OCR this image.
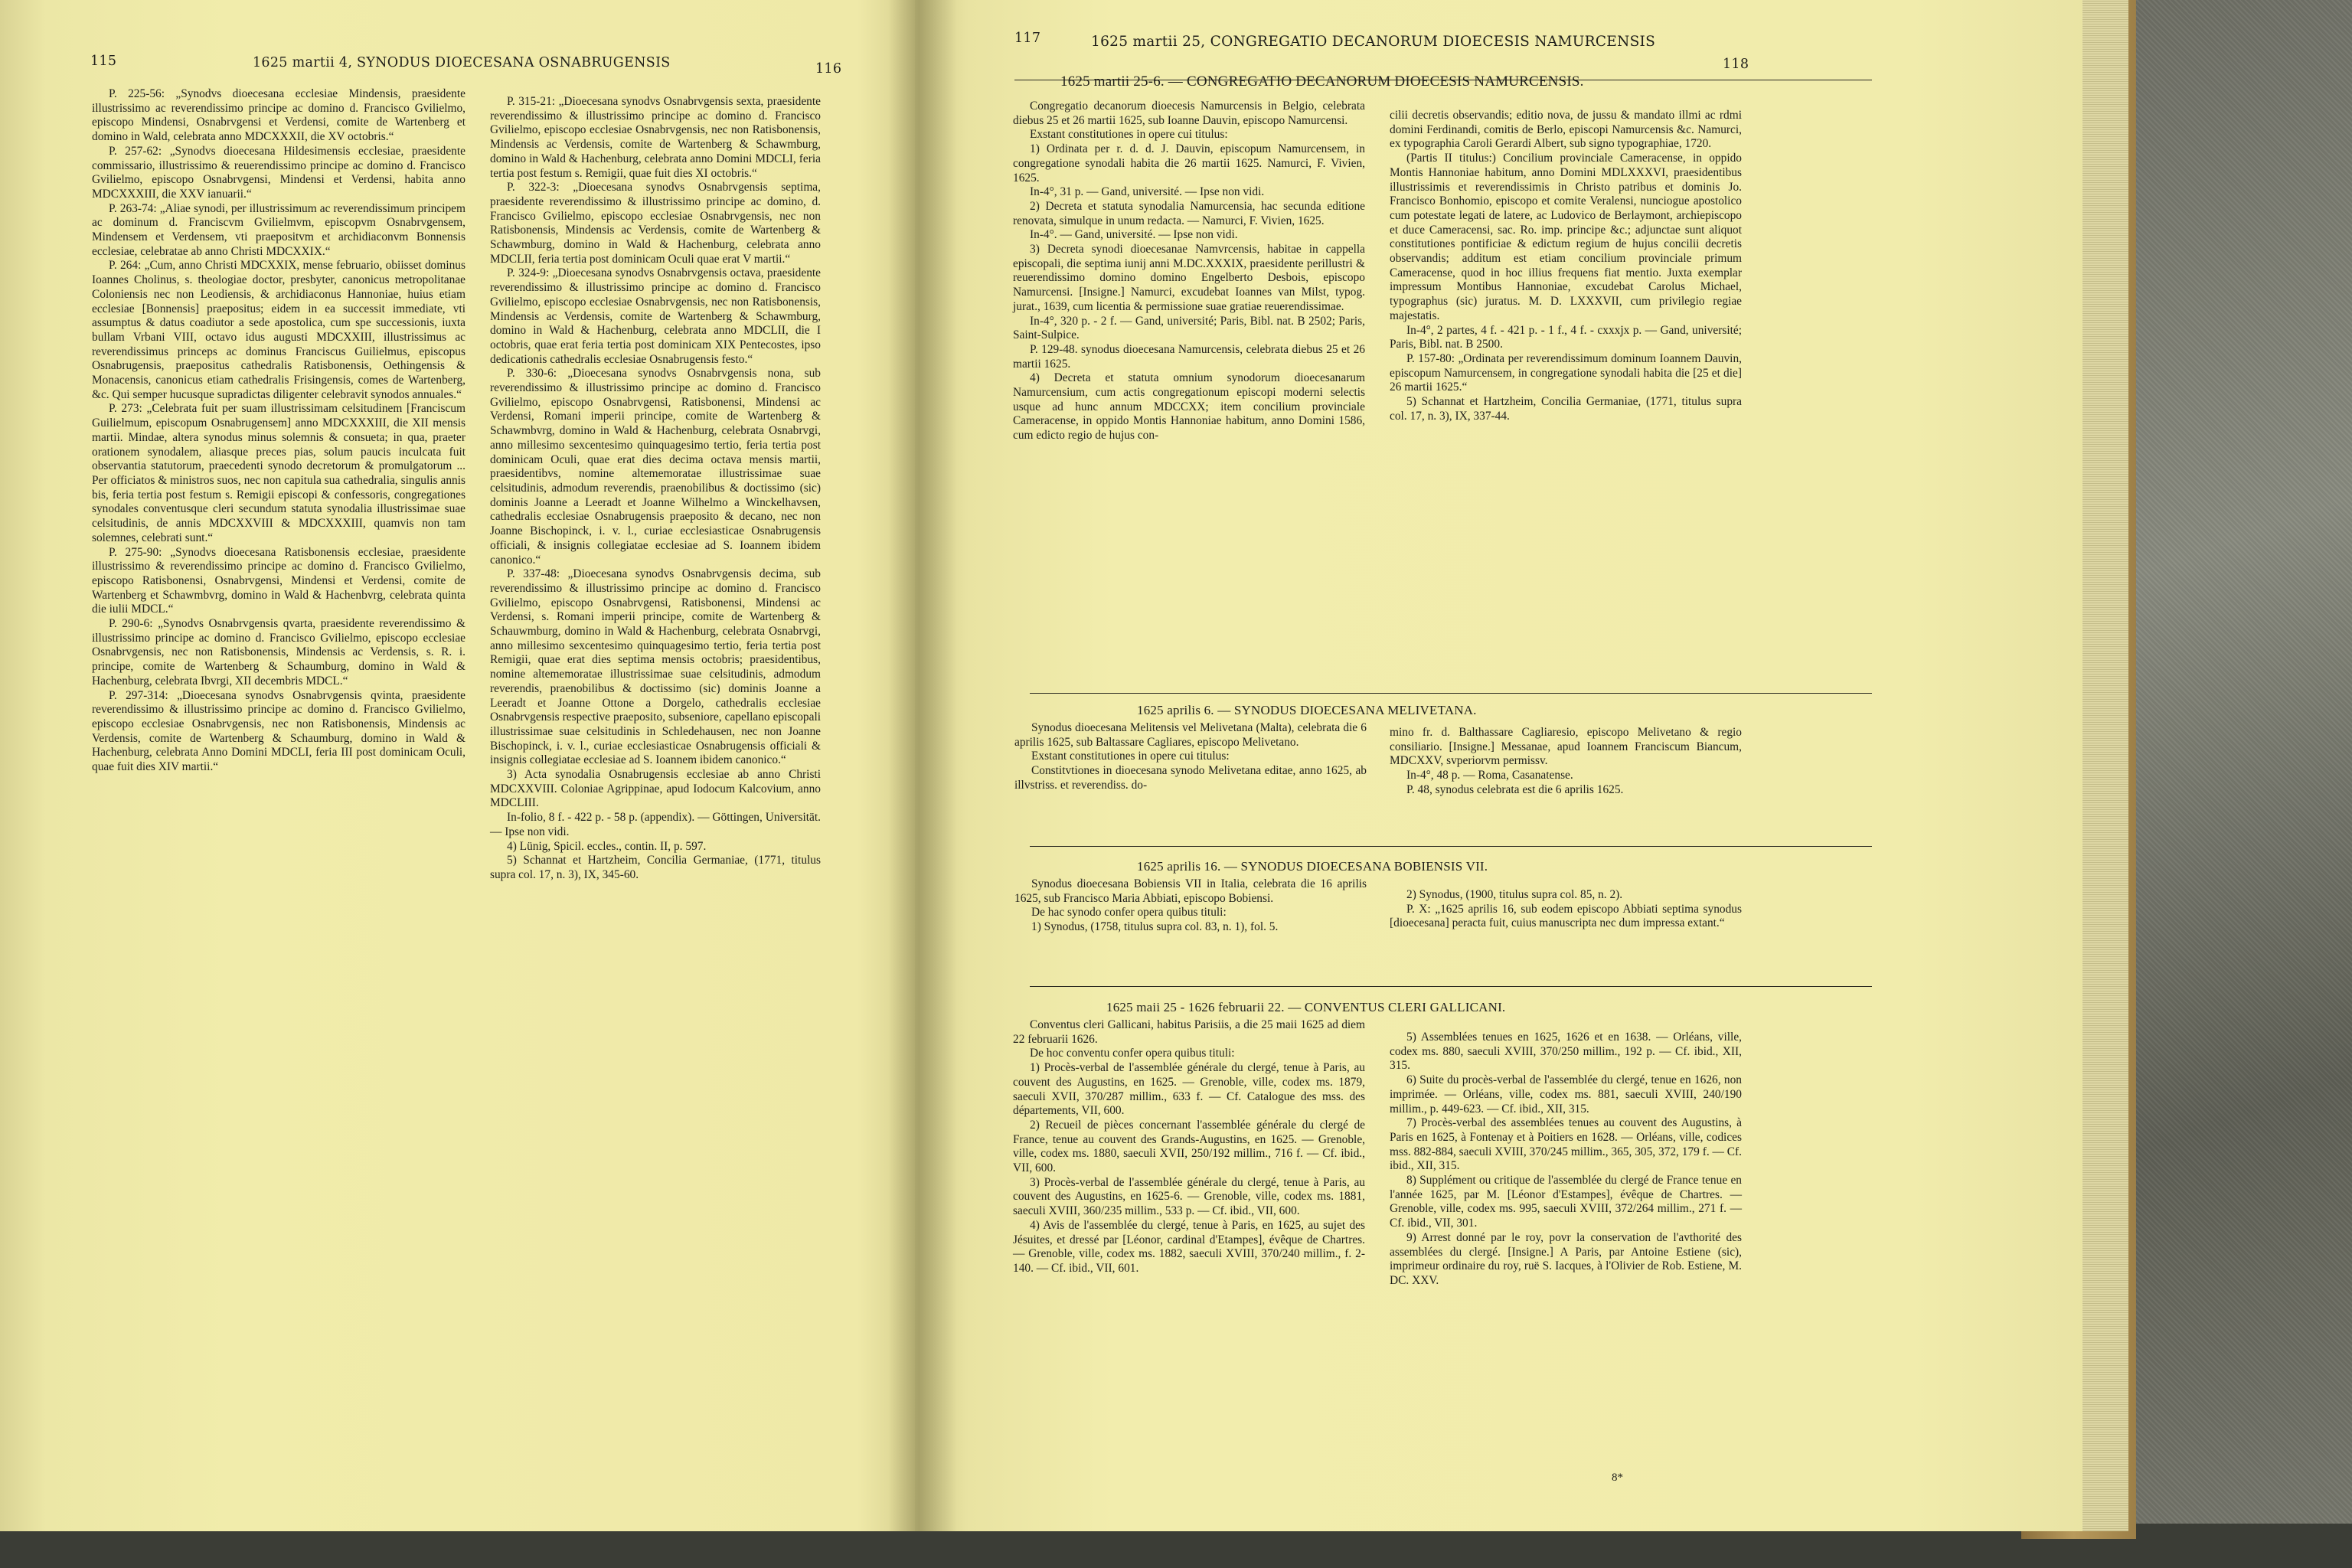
115	1625 martii 4, SYNODUS DIOECESANA OSNABRUGENSIS	116

P. 225-56: „Synodvs dioecesana ecclesiae Mindensis, praesidente illustrissimo ac reverendissimo principe ac domino d. Francisco Gvilielmo, episcopo Mindensi, Osnabrvgensi et Verdensi, comite de Wartenberg et domino in Wald, celebrata anno MDCXXXII, die XV octobris.“

P. 257-62: „Synodvs dioecesana Hildesimensis ecclesiae, praesidente commissario, illustrissimo & reuerendissimo principe ac domino d. Francisco Gvilielmo, episcopo Osnabrvgensi, Mindensi et Verdensi, habita anno MDCXXXIII, die XXV ianuarii.“

P. 263-74: „Aliae synodi, per illustrissimum ac reverendissimum principem ac dominum d. Franciscvm Gvilielmvm, episcopvm Osnabrvgensem, Mindensem et Verdensem, vti praepositvm et archidiaconvm Bonnensis ecclesiae, celebratae ab anno Christi MDCXXIX.“

P. 264: „Cum, anno Christi MDCXXIX, mense februario, obiisset dominus Ioannes Cholinus, s. theologiae doctor, presbyter, canonicus metropolitanae Coloniensis nec non Leodiensis, & archidiaconus Hannoniae, huius etiam ecclesiae [Bonnensis] praepositus; eidem in ea successit immediate, vti assumptus & datus coadiutor a sede apostolica, cum spe successionis, iuxta bullam Vrbani VIII, octavo idus augusti MDCXXIII, illustrissimus ac reverendissimus princeps ac dominus Franciscus Guilielmus, episcopus Osnabrugensis, praepositus cathedralis Ratisbonensis, Oethingensis & Monacensis, canonicus etiam cathedralis Frisingensis, comes de Wartenberg, &c. Qui semper hucusque supradictas diligenter celebravit synodos annuales.“

P. 273: „Celebrata fuit per suam illustrissimam celsitudinem [Franciscum Guilielmum, episcopum Osnabrugensem] anno MDCXXXIII, die XII mensis martii. Mindae, altera synodus minus solemnis & consueta; in qua, praeter orationem synodalem, aliasque preces pias, solum paucis inculcata fuit observantia statutorum, praecedenti synodo decretorum & promulgatorum ... Per officiatos & ministros suos, nec non capitula sua cathedralia, singulis annis bis, feria tertia post festum s. Remigii episcopi & confessoris, congregationes synodales conventusque cleri secundum statuta synodalia illustrissimae suae celsitudinis, de annis MDCXXVIII & MDCXXXIII, quamvis non tam solemnes, celebrati sunt.“

P. 275-90: „Synodvs dioecesana Ratisbonensis ecclesiae, praesidente illustrissimo & reverendissimo principe ac domino d. Francisco Gvilielmo, episcopo Ratisbonensi, Osnabrvgensi, Mindensi et Verdensi, comite de Wartenberg et Schawmbvrg, domino in Wald & Hachenbvrg, celebrata quinta die iulii MDCL.“

P. 290-6: „Synodvs Osnabrvgensis qvarta, praesidente reverendissimo & illustrissimo principe ac domino d. Francisco Gvilielmo, episcopo ecclesiae Osnabrvgensis, nec non Ratisbonensis, Mindensis ac Verdensis, s. R. i. principe, comite de Wartenberg & Schaumburg, domino in Wald & Hachenburg, celebrata Ibvrgi, XII decembris MDCL.“

P. 297-314: „Dioecesana synodvs Osnabrvgensis qvinta, praesidente reverendissimo & illustrissimo principe ac domino d. Francisco Gvilielmo, episcopo ecclesiae Osnabrvgensis, nec non Ratisbonensis, Mindensis ac Verdensis, comite de Wartenberg & Schaumburg, domino in Wald & Hachenburg, celebrata Anno Domini MDCLI, feria III post dominicam Oculi, quae fuit dies XIV martii.“

P. 315-21: „Dioecesana synodvs Osnabrvgensis sexta, praesidente reverendissimo & illustrissimo principe ac domino d. Francisco Gvilielmo, episcopo ecclesiae Osnabrvgensis, nec non Ratisbonensis, Mindensis ac Verdensis, comite de Wartenberg & Schawmburg, domino in Wald & Hachenburg, celebrata anno Domini MDCLI, feria tertia post festum s. Remigii, quae fuit dies XI octobris.“

P. 322-3: „Dioecesana synodvs Osnabrvgensis septima, praesidente reverendissimo & illustrissimo principe ac domino, d. Francisco Gvilielmo, episcopo ecclesiae Osnabrvgensis, nec non Ratisbonensis, Mindensis ac Verdensis, comite de Wartenberg & Schawmburg, domino in Wald & Hachenburg, celebrata anno MDCLII, feria tertia post dominicam Oculi quae erat V martii.“

P. 324-9: „Dioecesana synodvs Osnabrvgensis octava, praesidente reverendissimo & illustrissimo principe ac domino d. Francisco Gvilielmo, episcopo ecclesiae Osnabrvgensis, nec non Ratisbonensis, Mindensis ac Verdensis, comite de Wartenberg & Schawmburg, domino in Wald & Hachenburg, celebrata anno MDCLII, die I octobris, quae erat feria tertia post dominicam XIX Pentecostes, ipso dedicationis cathedralis ecclesiae Osnabrugensis festo.“

P. 330-6: „Dioecesana synodvs Osnabrvgensis nona, sub reverendissimo & illustrissimo principe ac domino d. Francisco Gvilielmo, episcopo Osnabrvgensi, Ratisbonensi, Mindensi ac Verdensi, Romani imperii principe, comite de Wartenberg & Schawmbvrg, domino in Wald & Hachenburg, celebrata Osnabrvgi, anno millesimo sexcentesimo quinquagesimo tertio, feria tertia post dominicam Oculi, quae erat dies decima octava mensis martii, praesidentibvs, nomine altememoratae illustrissimae suae celsitudinis, admodum reverendis, praenobilibus & doctissimo (sic) dominis Joanne a Leeradt et Joanne Wilhelmo a Winckelhavsen, cathedralis ecclesiae Osnabrugensis praeposito & decano, nec non Joanne Bischopinck, i. v. l., curiae ecclesiasticae Osnabrugensis officiali, & insignis collegiatae ecclesiae ad S. Ioannem ibidem canonico.“

P. 337-48: „Dioecesana synodvs Osnabrvgensis decima, sub reverendissimo & illustrissimo principe ac domino d. Francisco Gvilielmo, episcopo Osnabrvgensi, Ratisbonensi, Mindensi ac Verdensi, s. Romani imperii principe, comite de Wartenberg & Schauwmburg, domino in Wald & Hachenburg, celebrata Osnabrvgi, anno millesimo sexcentesimo quinquagesimo tertio, feria tertia post Remigii, quae erat dies septima mensis octobris; praesidentibus, nomine altememoratae illustrissimae suae celsitudinis, admodum reverendis, praenobilibus & doctissimo (sic) dominis Joanne a Leeradt et Joanne Ottone a Dorgelo, cathedralis ecclesiae Osnabrvgensis respective praeposito, subseniore, capellano episcopali illustrissimae suae celsitudinis in Schledehausen, nec non Joanne Bischopinck, i. v. l., curiae ecclesiasticae Osnabrugensis officiali & insignis collegiatae ecclesiae ad S. Ioannem ibidem canonico.“

3) Acta synodalia Osnabrugensis ecclesiae ab anno Christi MDCXXVIII. Coloniae Agrippinae, apud Iodocum Kalcovium, anno MDCLIII.

In-folio, 8 f. - 422 p. - 58 p. (appendix). — Göttingen, Universität. — Ipse non vidi.

4) Lünig, Spicil. eccles., contin. II, p. 597.

5) Schannat et Hartzheim, Concilia Germaniae, (1771, titulus supra col. 17, n. 3), IX, 345-60.

117	1625 martii 25, CONGREGATIO DECANORUM DIOECESIS NAMURCENSIS
118
1625 martii 25-6. — CONGREGATIO DECANORUM DIOECESIS NAMURCENSIS.

Congregatio decanorum dioecesis Namurcensis in Belgio, celebrata diebus 25 et 26 martii 1625, sub Ioanne Dauvin, episcopo Namurcensi.

Exstant constitutiones in opere cui titulus:

1) Ordinata per r. d. d. J. Dauvin, episcopum Namurcensem, in congregatione synodali habita die 26 martii 1625. Namurci, F. Vivien, 1625.

In-4°, 31 p. — Gand, université. — Ipse non vidi.

2) Decreta et statuta synodalia Namurcensia, hac secunda editione renovata, simulque in unum redacta. — Namurci, F. Vivien, 1625.

In-4°. — Gand, université. — Ipse non vidi.

3) Decreta synodi dioecesanae Namvrcensis, habitae in cappella episcopali, die septima iunij anni M.DC.XXXIX, praesidente perillustri & reuerendissimo domino domino Engelberto Desbois, episcopo Namurcensi. [Insigne.] Namurci, excudebat Ioannes van Milst, typog. jurat., 1639, cum licentia & permissione suae gratiae reuerendissimae.

In-4°, 320 p. - 2 f. — Gand, université; Paris, Bibl. nat. B 2502; Paris, Saint-Sulpice.

P. 129-48. synodus dioecesana Namurcensis, celebrata diebus 25 et 26 martii 1625.

4) Decreta et statuta omnium synodorum dioecesanarum Namurcensium, cum actis congregationum episcopi moderni selectis usque ad hunc annum MDCCXX; item concilium provinciale Cameracense, in oppido Montis Hannoniae habitum, anno Domini 1586, cum edicto regio de hujus con-

cilii decretis observandis; editio nova, de jussu & mandato illmi ac rdmi domini Ferdinandi, comitis de Berlo, episcopi Namurcensis &c. Namurci, ex typographia Caroli Gerardi Albert, sub signo typographiae, 1720.

(Partis II titulus:) Concilium provinciale Cameracense, in oppido Montis Hannoniae habitum, anno Domini MDLXXXVI, praesidentibus illustrissimis et reverendissimis in Christo patribus et dominis Jo. Francisco Bonhomio, episcopo et comite Veralensi, nunciogue apostolico cum potestate legati de latere, ac Ludovico de Berlaymont, archiepiscopo et duce Cameracensi, sac. Ro. imp. principe &c.; adjunctae sunt aliquot constitutiones pontificiae & edictum regium de hujus concilii decretis observandis; additum est etiam concilium provinciale primum Cameracense, quod in hoc illius frequens fiat mentio. Juxta exemplar impressum Montibus Hannoniae, excudebat Carolus Michael, typographus (sic) juratus. M. D. LXXXVII, cum privilegio regiae majestatis.

In-4°, 2 partes, 4 f. - 421 p. - 1 f., 4 f. - cxxxjx p. — Gand, université; Paris, Bibl. nat. B 2500.

P. 157-80: „Ordinata per reverendissimum dominum Ioannem Dauvin, episcopum Namurcensem, in congregatione synodali habita die [25 et die] 26 martii 1625.“

5) Schannat et Hartzheim, Concilia Germaniae, (1771, titulus supra col. 17, n. 3), IX, 337-44.

1625 aprilis 6. — SYNODUS DIOECESANA MELIVETANA.

Synodus dioecesana Melitensis vel Melivetana (Malta), celebrata die 6 aprilis 1625, sub Baltassare Cagliares, episcopo Melivetano.

Exstant constitutiones in opere cui titulus:

Constitvtiones in dioecesana synodo Melivetana editae, anno 1625, ab illvstriss. et reverendiss. do-

mino fr. d. Balthassare Cagliaresio, episcopo Melivetano & regio consiliario. [Insigne.] Messanae, apud Ioannem Franciscum Biancum, MDCXXV, svperiorvm permissv.

In-4°, 48 p. — Roma, Casanatense.

P. 48, synodus celebrata est die 6 aprilis 1625.

1625 aprilis 16. — SYNODUS DIOECESANA BOBIENSIS VII.

Synodus dioecesana Bobiensis VII in Italia, celebrata die 16 aprilis 1625, sub Francisco Maria Abbiati, episcopo Bobiensi.

De hac synodo confer opera quibus tituli:

1) Synodus, (1758, titulus supra col. 83, n. 1), fol. 5.

2) Synodus, (1900, titulus supra col. 85, n. 2).

P. X: „1625 aprilis 16, sub eodem episcopo Abbiati septima synodus [dioecesana] peracta fuit, cuius manuscripta nec dum impressa extant.“

1625 maii 25 - 1626 februarii 22. — CONVENTUS CLERI GALLICANI.

Conventus cleri Gallicani, habitus Parisiis, a die 25 maii 1625 ad diem 22 februarii 1626.

De hoc conventu confer opera quibus tituli:

1) Procès-verbal de l'assemblée générale du clergé, tenue à Paris, au couvent des Augustins, en 1625. — Grenoble, ville, codex ms. 1879, saeculi XVII, 370/287 millim., 633 f. — Cf. Catalogue des mss. des départements, VII, 600.

2) Recueil de pièces concernant l'assemblée générale du clergé de France, tenue au couvent des Grands-Augustins, en 1625. — Grenoble, ville, codex ms. 1880, saeculi XVII, 250/192 millim., 716 f. — Cf. ibid., VII, 600.

3) Procès-verbal de l'assemblée générale du clergé, tenue à Paris, au couvent des Augustins, en 1625-6. — Grenoble, ville, codex ms. 1881, saeculi XVIII, 360/235 millim., 533 p. — Cf. ibid., VII, 600.

4) Avis de l'assemblée du clergé, tenue à Paris, en 1625, au sujet des Jésuites, et dressé par [Léonor, cardinal d'Etampes], évêque de Chartres. — Grenoble, ville, codex ms. 1882, saeculi XVIII, 370/240 millim., f. 2-140. — Cf. ibid., VII, 601.

5) Assemblées tenues en 1625, 1626 et en 1638. — Orléans, ville, codex ms. 880, saeculi XVIII, 370/250 millim., 192 p. — Cf. ibid., XII, 315.

6) Suite du procès-verbal de l'assemblée du clergé, tenue en 1626, non imprimée. — Orléans, ville, codex ms. 881, saeculi XVIII, 240/190 millim., p. 449-623. — Cf. ibid., XII, 315.

7) Procès-verbal des assemblées tenues au couvent des Augustins, à Paris en 1625, à Fontenay et à Poitiers en 1628. — Orléans, ville, codices mss. 882-884, saeculi XVIII, 370/245 millim., 365, 305, 372, 179 f. — Cf. ibid., XII, 315.

8) Supplément ou critique de l'assemblée du clergé de France tenue en l'année 1625, par M. [Léonor d'Estampes], évêque de Chartres. — Grenoble, ville, codex ms. 995, saeculi XVIII, 372/264 millim., 271 f. — Cf. ibid., VII, 301.

9) Arrest donné par le roy, povr la conservation de l'avthorité des assemblées du clergé. [Insigne.] A Paris, par Antoine Estiene (sic), imprimeur ordinaire du roy, ruë S. Iacques, à l'Olivier de Rob. Estiene, M. DC. XXV.

8*
